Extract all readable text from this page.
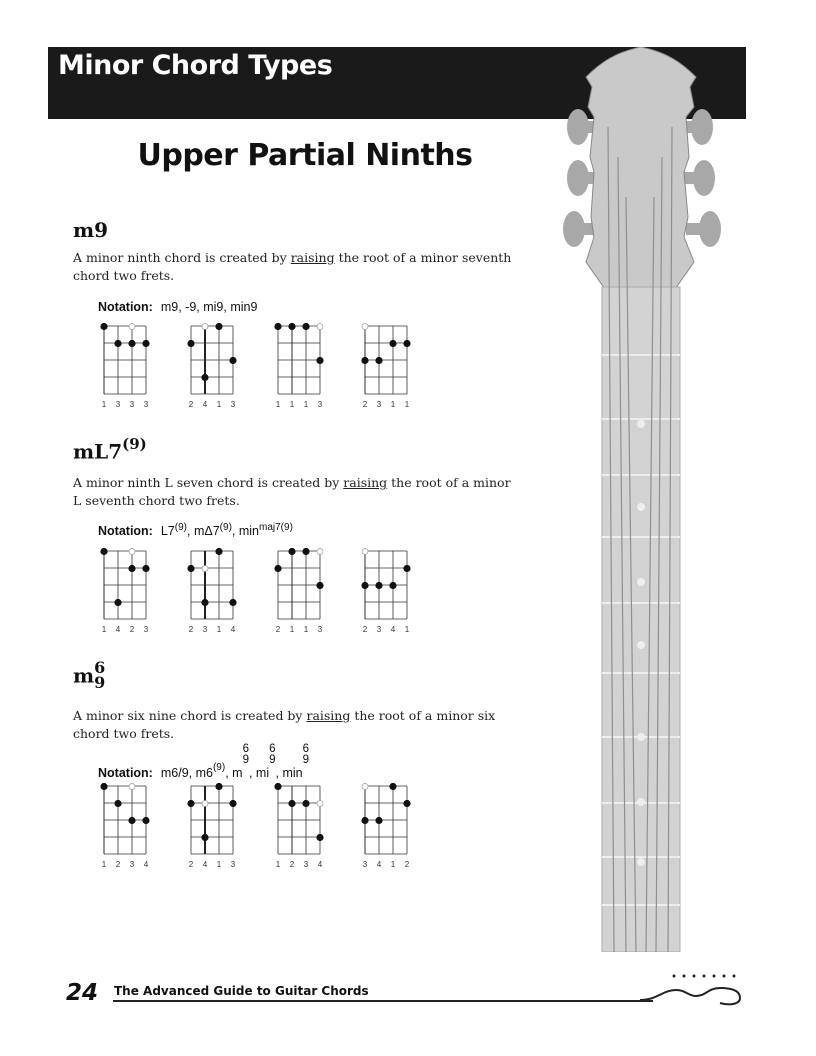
Minor Chord Types
Upper Partial Ninths
m9
A minor ninth chord is created by raising the root of a minor seventh chord two frets.
Notation: m9, -9, mi9, min9
mL7$^{(9)}$
A minor ninth L seven chord is created by raising the root of a minor L seventh chord two frets.
Notation: L7$^{(9)}$, mΔ7$^{(9)}$, $\min^{maj7(9)}$
m 6
9
A minor six nine chord is created by raising the root of a minor six chord two frets.
Notation: m6/9, m6$^{(9)}$, m
6
9
, mi
6
9
, min
6
9
1	3	3	3	2	4	1	3	1	1	1	3	2	3	1	1
1	4	2	3	2	3	1	4	2	1	1	3	2	3	4	1
1	2	3	4	2	4	1	3	1	2	3	4	3	4	1	2
24 The Advanced Guide to Guitar Chords
